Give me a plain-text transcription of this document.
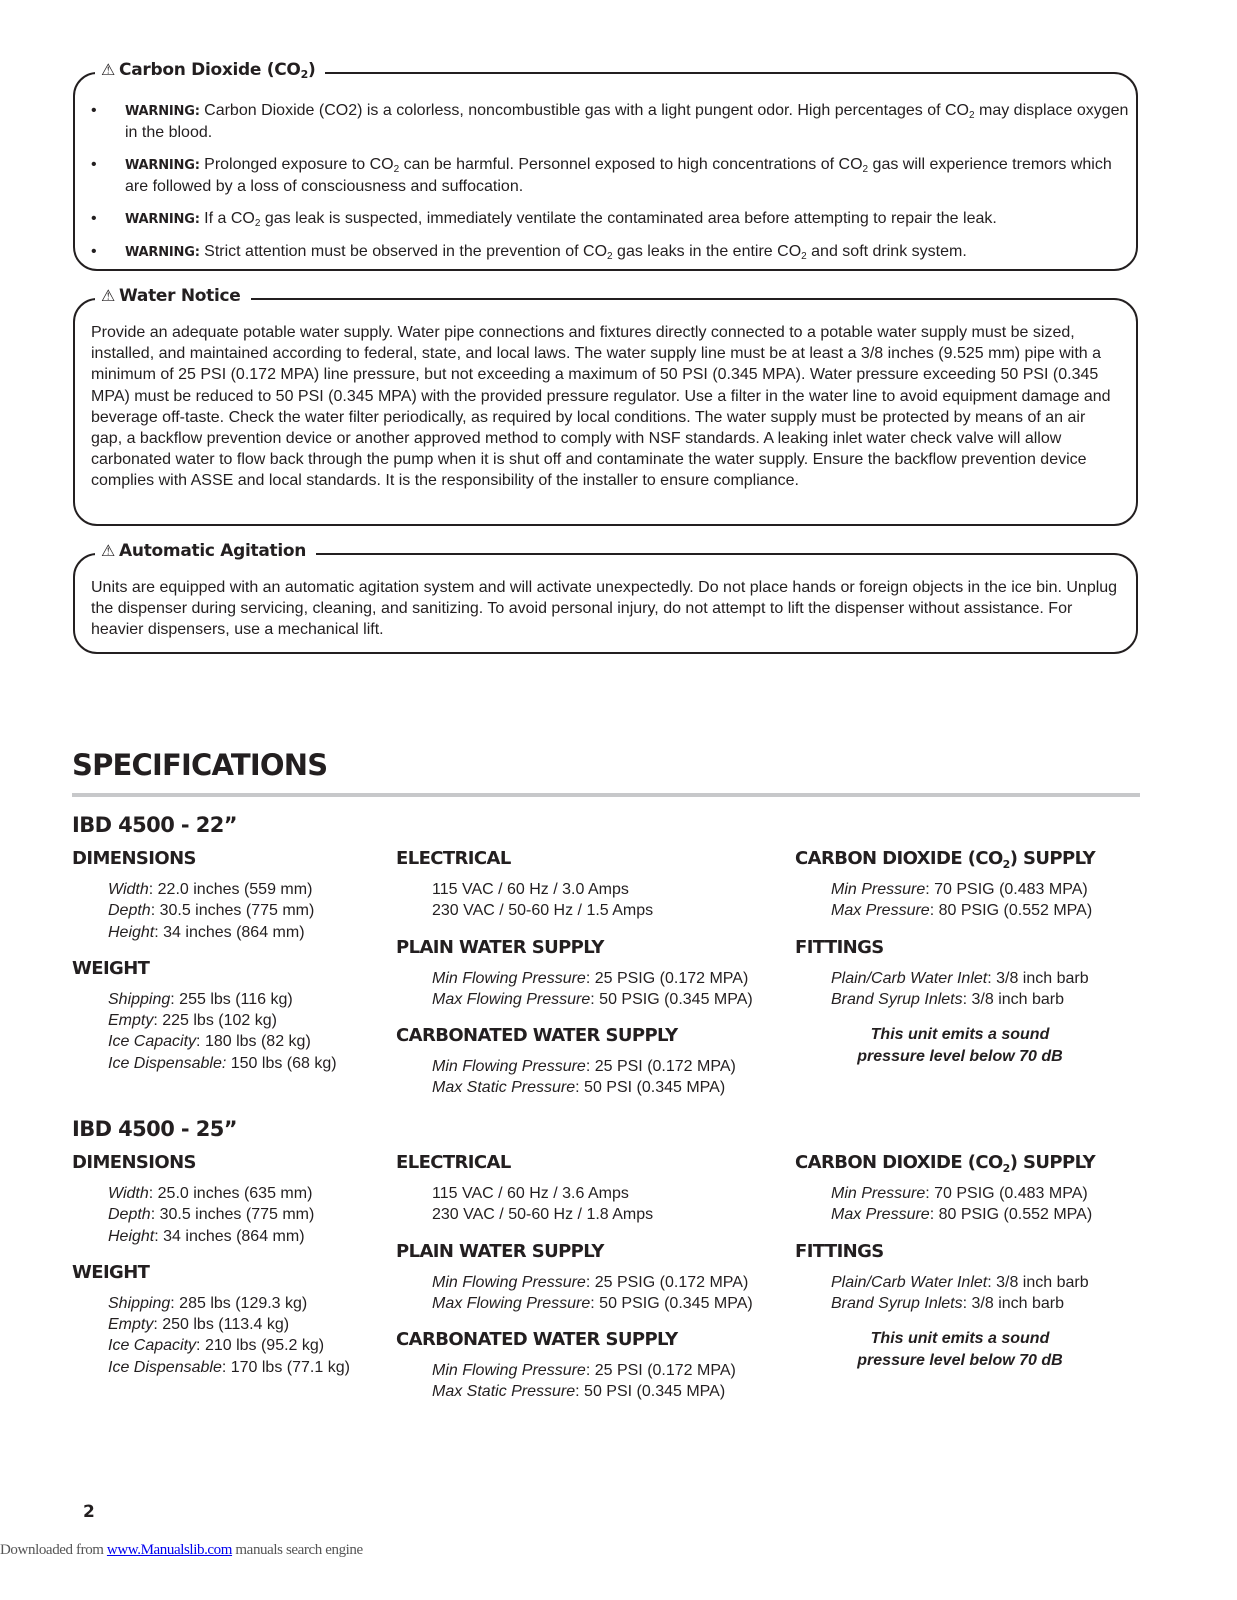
⚠ Carbon Dioxide $(CO_2)$
• WARNING: Carbon Dioxide (CO2) is a colorless, noncombustible gas with a light pungent odor. High percentages of $CO_2$ may displace oxygen in the blood.
• WARNING: Prolonged exposure to $CO_2$ can be harmful. Personnel exposed to high concentrations of $CO_2$ gas will experience tremors which are followed by a loss of consciousness and suffocation.
• WARNING: If a $CO_2$ gas leak is suspected, immediately ventilate the contaminated area before attempting to repair the leak.
• WARNING: Strict attention must be observed in the prevention of $CO_2$ gas leaks in the entire $CO_2$ and soft drink system.
⚠ Water Notice
Provide an adequate potable water supply. Water pipe connections and fixtures directly connected to a potable water supply must be sized, installed, and maintained according to federal, state, and local laws. The water supply line must be at least a 3/8 inches (9.525 mm) pipe with a minimum of 25 PSI (0.172 MPA) line pressure, but not exceeding a maximum of 50 PSI (0.345 MPA). Water pressure exceeding 50 PSI (0.345 MPA) must be reduced to 50 PSI (0.345 MPA) with the provided pressure regulator. Use a filter in the water line to avoid equipment damage and beverage off-taste. Check the water filter periodically, as required by local conditions. The water supply must be protected by means of an air gap, a backflow prevention device or another approved method to comply with NSF standards. A leaking inlet water check valve will allow carbonated water to flow back through the pump when it is shut off and contaminate the water supply. Ensure the backflow prevention device complies with ASSE and local standards. It is the responsibility of the installer to ensure compliance.
⚠ Automatic Agitation
Units are equipped with an automatic agitation system and will activate unexpectedly. Do not place hands or foreign objects in the ice bin. Unplug the dispenser during servicing, cleaning, and sanitizing. To avoid personal injury, do not attempt to lift the dispenser without assistance. For heavier dispensers, use a mechanical lift.
SPECIFICATIONS
IBD 4500 - 22”
DIMENSIONS
Width: 22.0 inches (559 mm)
Depth: 30.5 inches (775 mm)
Height: 34 inches (864 mm)
WEIGHT
Shipping: 255 lbs (116 kg)
Empty: 225 lbs (102 kg)
Ice Capacity: 180 lbs (82 kg)
Ice Dispensable: 150 lbs (68 kg)
ELECTRICAL
115 VAC / 60 Hz / 3.0 Amps
230 VAC / 50-60 Hz / 1.5 Amps
PLAIN WATER SUPPLY
Min Flowing Pressure: 25 PSIG (0.172 MPA)
Max Flowing Pressure: 50 PSIG (0.345 MPA)
CARBONATED WATER SUPPLY
Min Flowing Pressure: 25 PSI (0.172 MPA)
Max Static Pressure: 50 PSI (0.345 MPA)
CARBON DIOXIDE $(CO_2)$ SUPPLY
Min Pressure: 70 PSIG (0.483 MPA)
Max Pressure: 80 PSIG (0.552 MPA)
FITTINGS
Plain/Carb Water Inlet: 3/8 inch barb
Brand Syrup Inlets: 3/8 inch barb
This unit emits a sound
pressure level below 70 dB
IBD 4500 - 25”
DIMENSIONS
Width: 25.0 inches (635 mm)
Depth: 30.5 inches (775 mm)
Height: 34 inches (864 mm)
WEIGHT
Shipping: 285 lbs (129.3 kg)
Empty: 250 lbs (113.4 kg)
Ice Capacity: 210 lbs (95.2 kg)
Ice Dispensable: 170 lbs (77.1 kg)
ELECTRICAL
115 VAC / 60 Hz / 3.6 Amps
230 VAC / 50-60 Hz / 1.8 Amps
PLAIN WATER SUPPLY
Min Flowing Pressure: 25 PSIG (0.172 MPA)
Max Flowing Pressure: 50 PSIG (0.345 MPA)
CARBONATED WATER SUPPLY
Min Flowing Pressure: 25 PSI (0.172 MPA)
Max Static Pressure: 50 PSI (0.345 MPA)
CARBON DIOXIDE $(CO_2)$ SUPPLY
Min Pressure: 70 PSIG (0.483 MPA)
Max Pressure: 80 PSIG (0.552 MPA)
FITTINGS
Plain/Carb Water Inlet: 3/8 inch barb
Brand Syrup Inlets: 3/8 inch barb
This unit emits a sound
pressure level below 70 dB
2
Downloaded from www.Manualslib.com manuals search engine
